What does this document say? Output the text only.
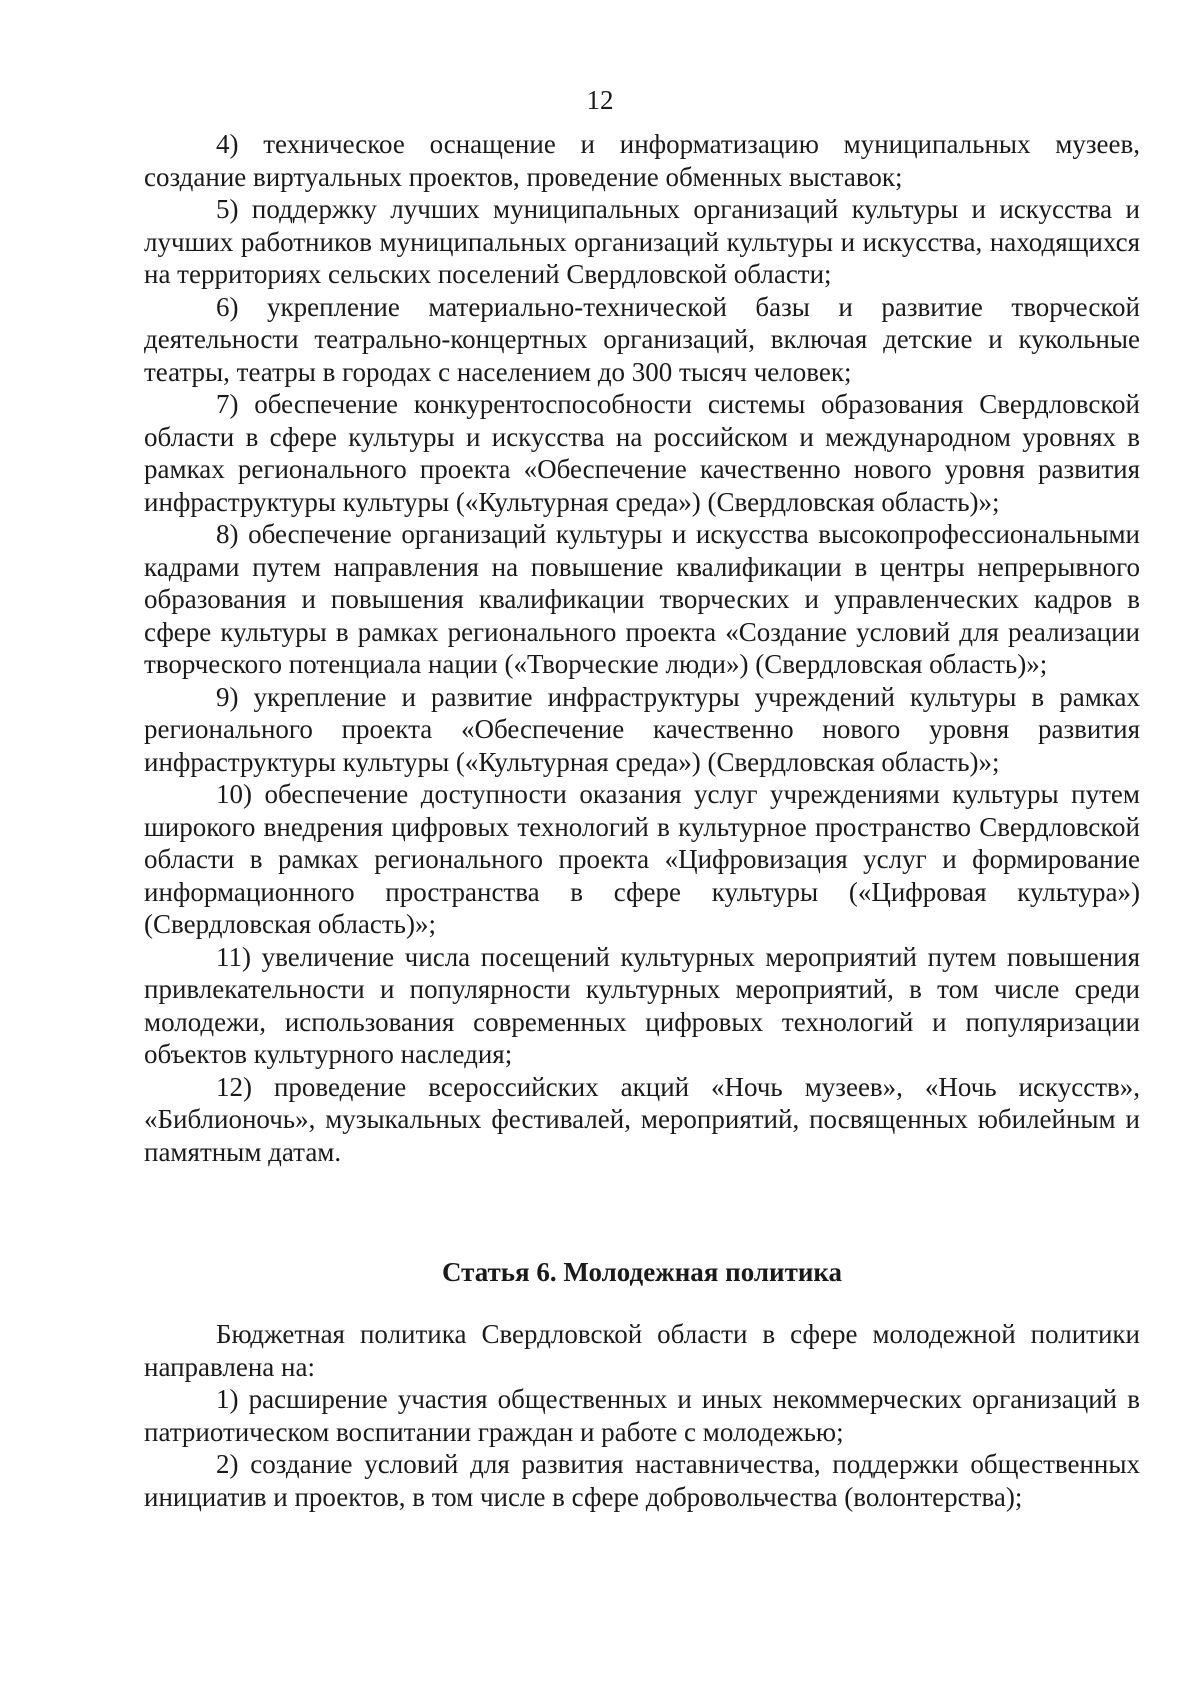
12

4) техническое оснащение и информатизацию муниципальных музеев, создание виртуальных проектов, проведение обменных выставок;

5) поддержку лучших муниципальных организаций культуры и искусства и лучших работников муниципальных организаций культуры и искусства, находящихся на территориях сельских поселений Свердловской области;

6) укрепление материально-технической базы и развитие творческой деятельности театрально-концертных организаций, включая детские и кукольные театры, театры в городах с населением до 300 тысяч человек;

7) обеспечение конкурентоспособности системы образования Свердловской области в сфере культуры и искусства на российском и международном уровнях в рамках регионального проекта «Обеспечение качественно нового уровня развития инфраструктуры культуры («Культурная среда») (Свердловская область)»;

8) обеспечение организаций культуры и искусства высокопрофессиональными кадрами путем направления на повышение квалификации в центры непрерывного образования и повышения квалификации творческих и управленческих кадров в сфере культуры в рамках регионального проекта «Создание условий для реализации творческого потенциала нации («Творческие люди») (Свердловская область)»;

9) укрепление и развитие инфраструктуры учреждений культуры в рамках регионального проекта «Обеспечение качественно нового уровня развития инфраструктуры культуры («Культурная среда») (Свердловская область)»;

10) обеспечение доступности оказания услуг учреждениями культуры путем широкого внедрения цифровых технологий в культурное пространство Свердловской области в рамках регионального проекта «Цифровизация услуг и формирование информационного пространства в сфере культуры («Цифровая культура») (Свердловская область)»;

11) увеличение числа посещений культурных мероприятий путем повышения привлекательности и популярности культурных мероприятий, в том числе среди молодежи, использования современных цифровых технологий и популяризации объектов культурного наследия;

12) проведение всероссийских акций «Ночь музеев», «Ночь искусств», «Библионочь», музыкальных фестивалей, мероприятий, посвященных юбилейным и памятным датам.

Статья 6. Молодежная политика

Бюджетная политика Свердловской области в сфере молодежной политики направлена на:

1) расширение участия общественных и иных некоммерческих организаций в патриотическом воспитании граждан и работе с молодежью;

2) создание условий для развития наставничества, поддержки общественных инициатив и проектов, в том числе в сфере добровольчества (волонтерства);
